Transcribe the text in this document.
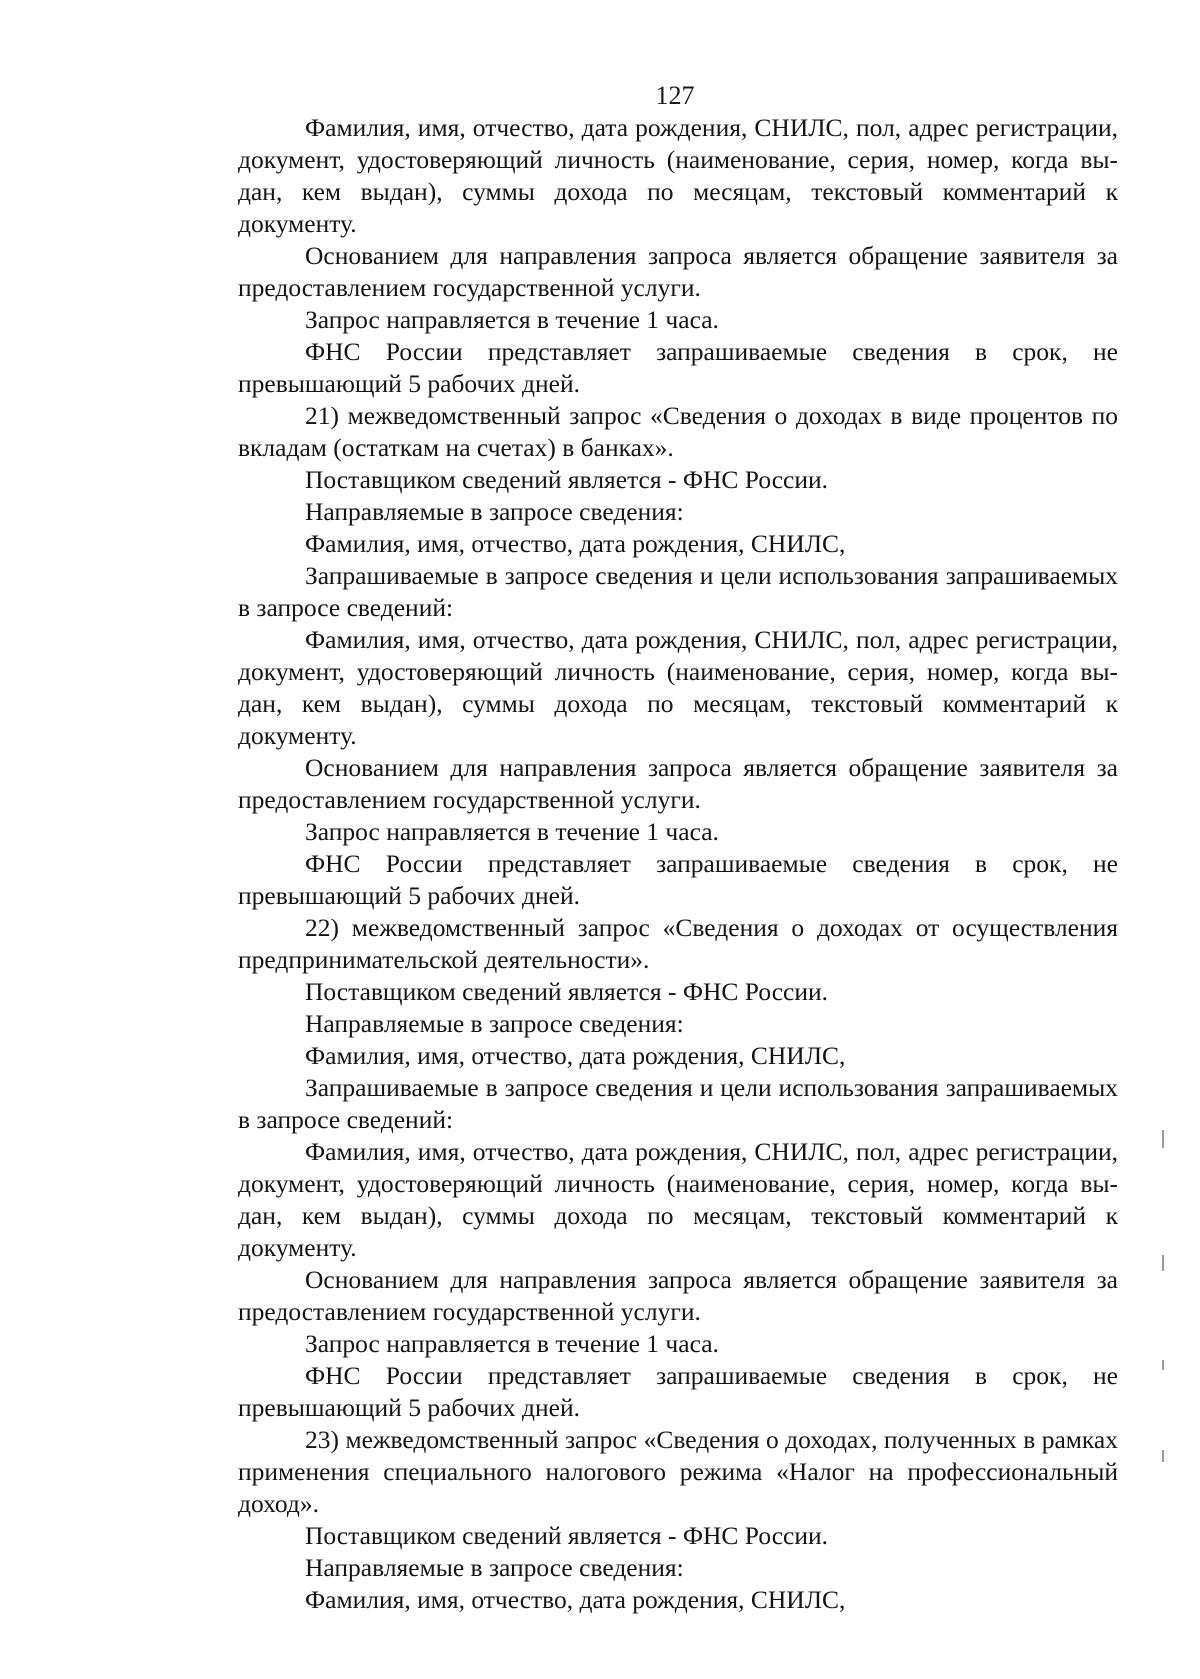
127

Фамилия, имя, отчество, дата рождения, СНИЛС, пол, адрес регистрации, документ, удостоверяющий личность (наименование, серия, номер, когда вы-дан, кем выдан), суммы дохода по месяцам, текстовый комментарий к документу.

Основанием для направления запроса является обращение заявителя за предоставлением государственной услуги.

Запрос направляется в течение 1 часа.

ФНС России представляет запрашиваемые сведения в срок, не превышающий 5 рабочих дней.

21) межведомственный запрос «Сведения о доходах в виде процентов по вкладам (остаткам на счетах) в банках».

Поставщиком сведений является - ФНС России.

Направляемые в запросе сведения:

Фамилия, имя, отчество, дата рождения, СНИЛС,

Запрашиваемые в запросе сведения и цели использования запрашиваемых в запросе сведений:

Фамилия, имя, отчество, дата рождения, СНИЛС, пол, адрес регистрации, документ, удостоверяющий личность (наименование, серия, номер, когда вы-дан, кем выдан), суммы дохода по месяцам, текстовый комментарий к документу.

Основанием для направления запроса является обращение заявителя за предоставлением государственной услуги.

Запрос направляется в течение 1 часа.

ФНС России представляет запрашиваемые сведения в срок, не превышающий 5 рабочих дней.

22) межведомственный запрос «Сведения о доходах от осуществления предпринимательской деятельности».

Поставщиком сведений является - ФНС России.

Направляемые в запросе сведения:

Фамилия, имя, отчество, дата рождения, СНИЛС,

Запрашиваемые в запросе сведения и цели использования запрашиваемых в запросе сведений:

Фамилия, имя, отчество, дата рождения, СНИЛС, пол, адрес регистрации, документ, удостоверяющий личность (наименование, серия, номер, когда вы-дан, кем выдан), суммы дохода по месяцам, текстовый комментарий к документу.

Основанием для направления запроса является обращение заявителя за предоставлением государственной услуги.

Запрос направляется в течение 1 часа.

ФНС России представляет запрашиваемые сведения в срок, не превышающий 5 рабочих дней.

23) межведомственный запрос «Сведения о доходах, полученных в рамках применения специального налогового режима «Налог на профессиональный доход».

Поставщиком сведений является - ФНС России.

Направляемые в запросе сведения:

Фамилия, имя, отчество, дата рождения, СНИЛС,
